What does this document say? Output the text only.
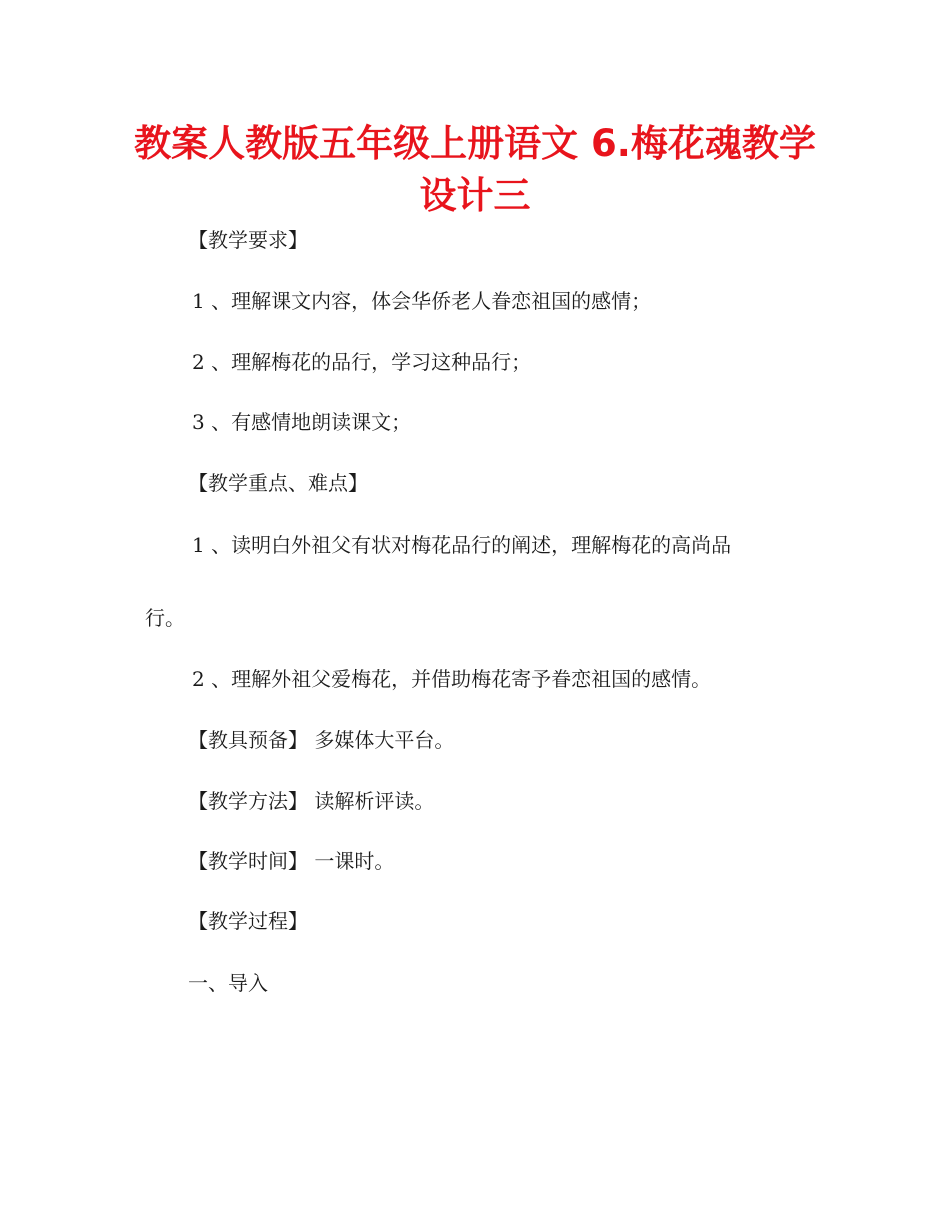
教案人教版五年级上册语文 6.梅花魂教学
设计三

【教学要求】

1 、理解课文内容，体会华侨老人眷恋祖国的感情；

2 、理解梅花的品行，学习这种品行；

3 、有感情地朗读课文；

【教学重点、难点】

1 、读明白外祖父有状对梅花品行的阐述，理解梅花的高尚品

行。

2 、理解外祖父爱梅花，并借助梅花寄予眷恋祖国的感情。

【教具预备】 多媒体大平台。

【教学方法】 读解析评读。

【教学时间】 一课时。

【教学过程】

一、导入
